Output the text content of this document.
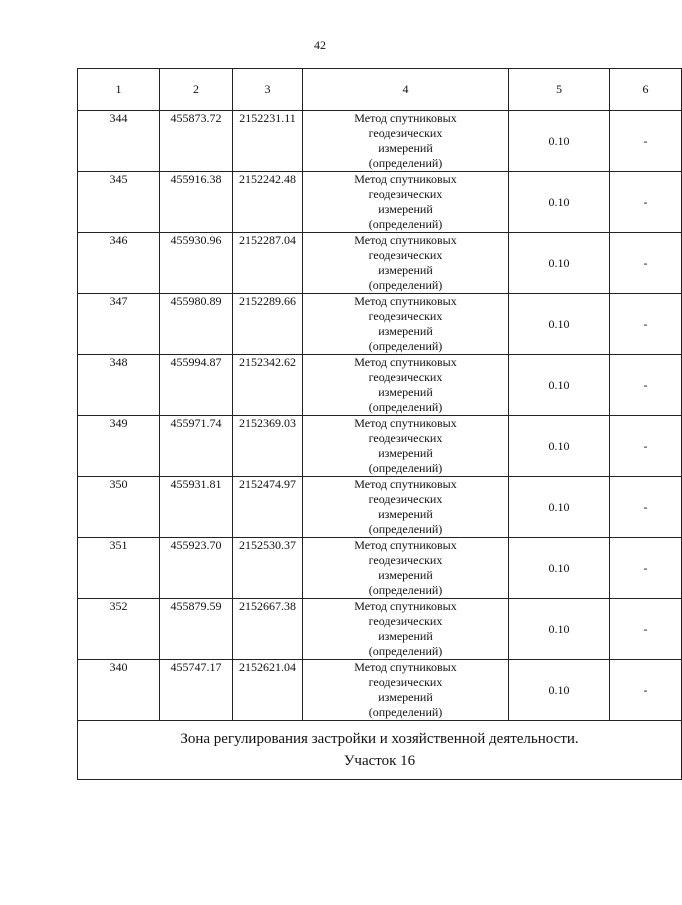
42
1	2	3	4	5	6
344	455873.72	2152231.11	Метод спутниковых
геодезических
измерений
(определений)	0.10	-
345	455916.38	2152242.48	Метод спутниковых
геодезических
измерений
(определений)	0.10	-
346	455930.96	2152287.04	Метод спутниковых
геодезических
измерений
(определений)	0.10	-
347	455980.89	2152289.66	Метод спутниковых
геодезических
измерений
(определений)	0.10	-
348	455994.87	2152342.62	Метод спутниковых
геодезических
измерений
(определений)	0.10	-
349	455971.74	2152369.03	Метод спутниковых
геодезических
измерений
(определений)	0.10	-
350	455931.81	2152474.97	Метод спутниковых
геодезических
измерений
(определений)	0.10	-
351	455923.70	2152530.37	Метод спутниковых
геодезических
измерений
(определений)	0.10	-
352	455879.59	2152667.38	Метод спутниковых
геодезических
измерений
(определений)	0.10	-
340	455747.17	2152621.04	Метод спутниковых
геодезических
измерений
(определений)	0.10	-

Зона регулирования застройки и хозяйственной деятельности.
Участок 16					
